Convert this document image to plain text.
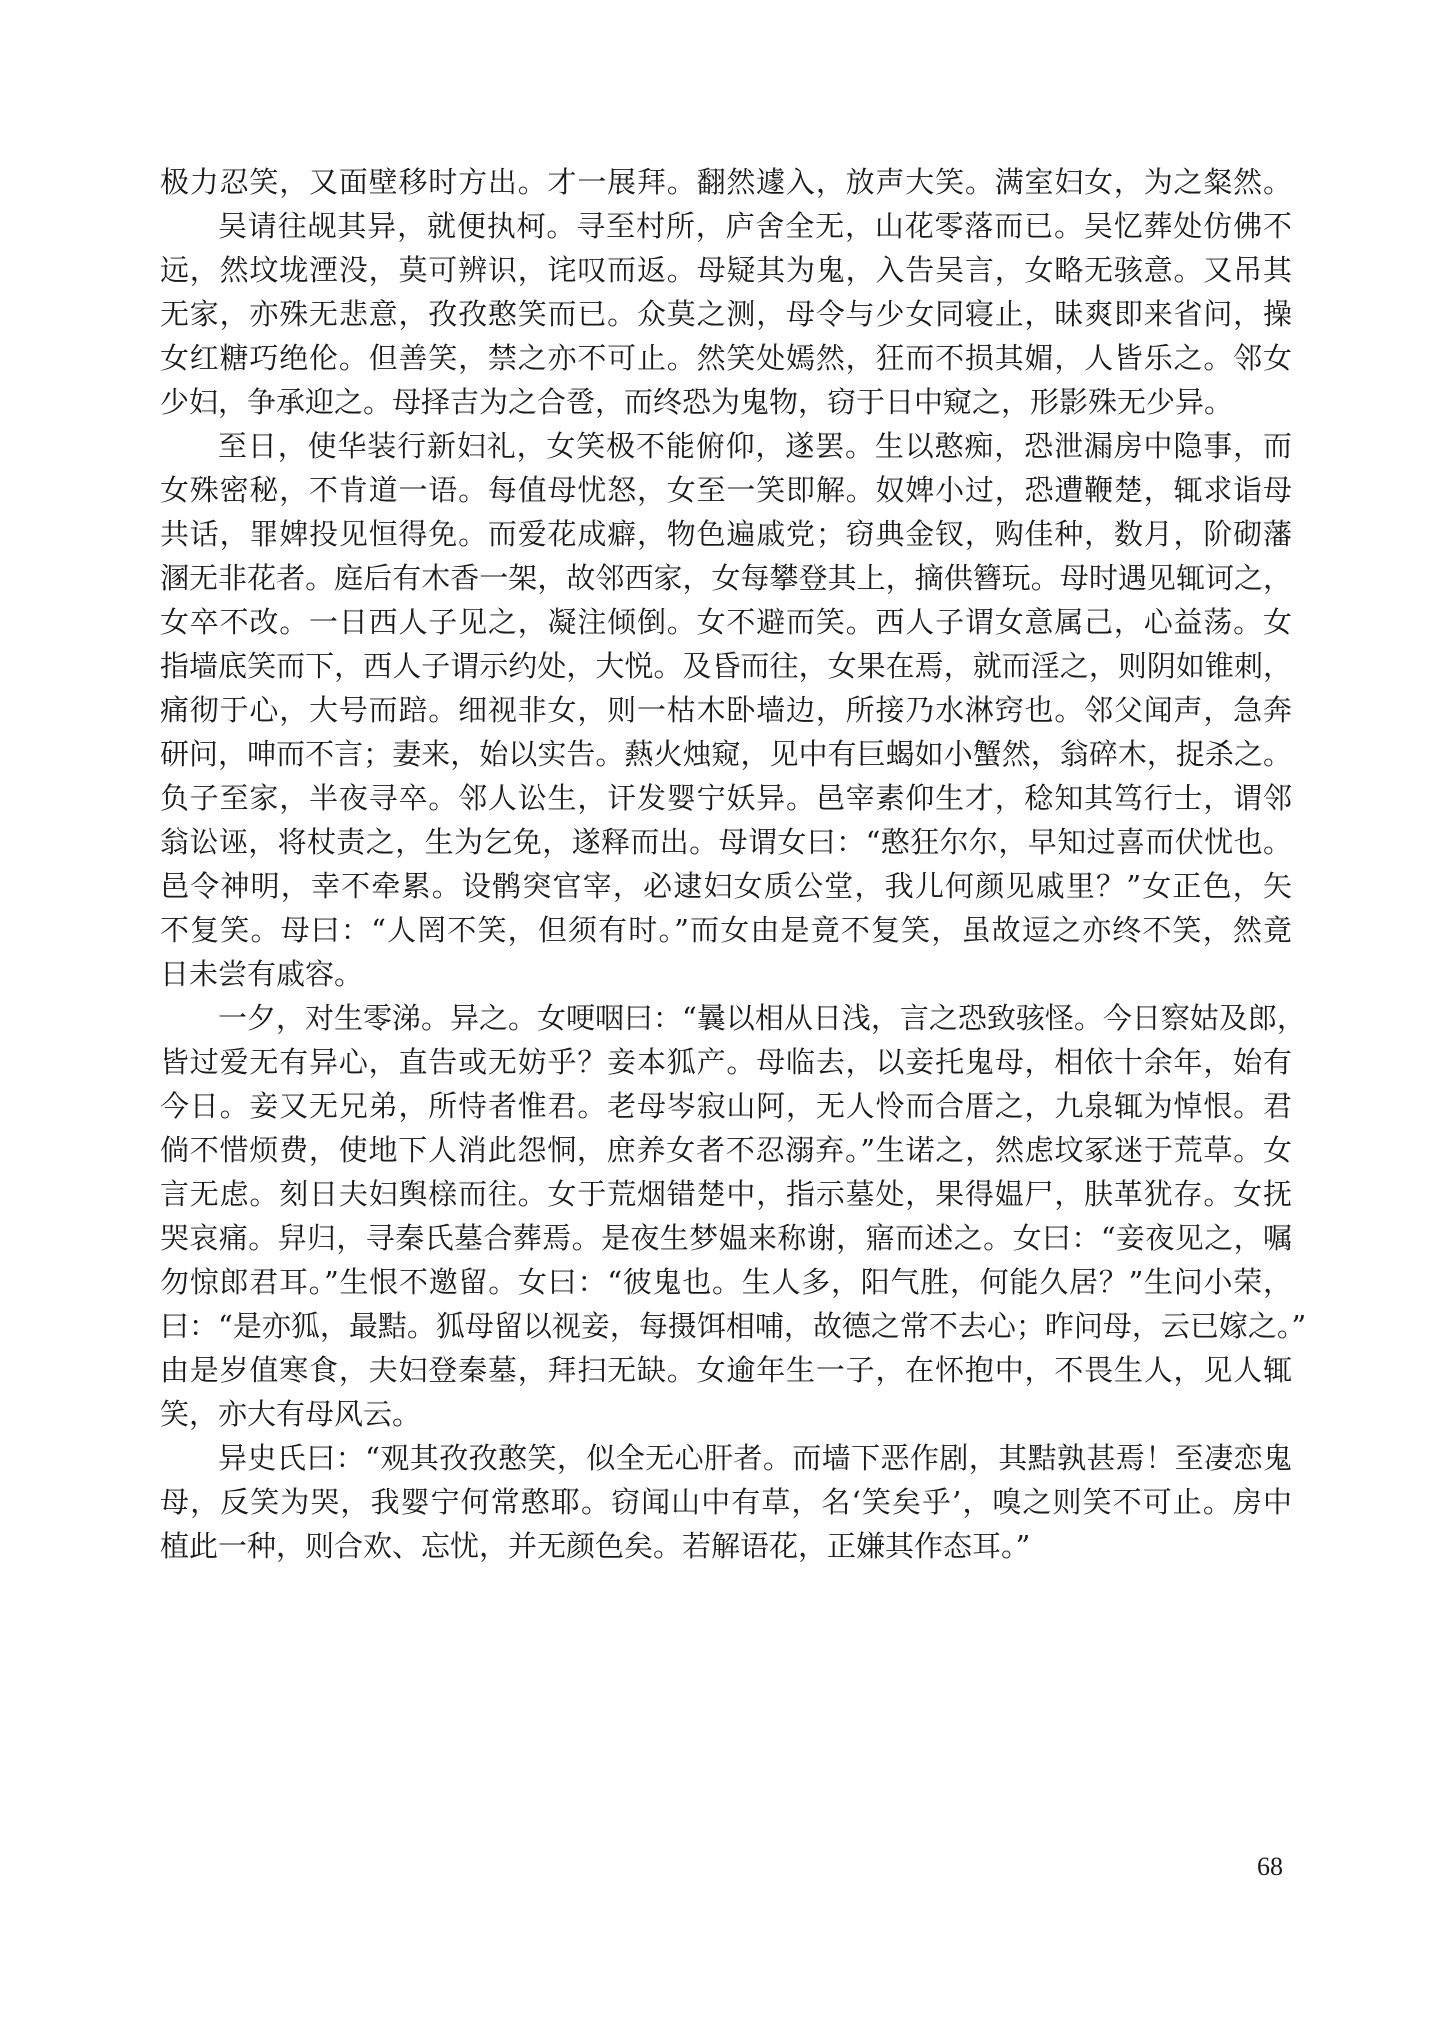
极力忍笑，又面壁移时方出。才一展拜。翻然遽入，放声大笑。满室妇女，为之粲然。
吴请往觇其异，就便执柯。寻至村所，庐舍全无，山花零落而已。吴忆葬处仿佛不
远，然坟垅湮没，莫可辨识，诧叹而返。母疑其为鬼，入告吴言，女略无骇意。又吊其
无家，亦殊无悲意，孜孜憨笑而已。众莫之测，母令与少女同寝止，昧爽即来省问，操
女红糖巧绝伦。但善笑，禁之亦不可止。然笑处嫣然，狂而不损其媚，人皆乐之。邻女
少妇，争承迎之。母择吉为之合卺，而终恐为鬼物，窃于日中窥之，形影殊无少异。
至日，使华装行新妇礼，女笑极不能俯仰，遂罢。生以憨痴，恐泄漏房中隐事，而
女殊密秘，不肯道一语。每值母忧怒，女至一笑即解。奴婢小过，恐遭鞭楚，辄求诣母
共话，罪婢投见恒得免。而爱花成癖，物色遍戚党；窃典金钗，购佳种，数月，阶砌藩
溷无非花者。庭后有木香一架，故邻西家，女每攀登其上，摘供簪玩。母时遇见辄诃之，
女卒不改。一日西人子见之，凝注倾倒。女不避而笑。西人子谓女意属己，心益荡。女
指墙底笑而下，西人子谓示约处，大悦。及昏而往，女果在焉，就而淫之，则阴如锥刺，
痛彻于心，大号而踣。细视非女，则一枯木卧墙边，所接乃水淋窍也。邻父闻声，急奔
研问，呻而不言；妻来，始以实告。爇火烛窥，见中有巨蝎如小蟹然，翁碎木，捉杀之。
负子至家，半夜寻卒。邻人讼生，讦发婴宁妖异。邑宰素仰生才，稔知其笃行士，谓邻
翁讼诬，将杖责之，生为乞免，遂释而出。母谓女曰：“憨狂尔尔，早知过喜而伏忧也。
邑令神明，幸不牵累。设鹘突官宰，必逮妇女质公堂，我儿何颜见戚里？”女正色，矢
不复笑。母曰：“人罔不笑，但须有时。”而女由是竟不复笑，虽故逗之亦终不笑，然竟
日未尝有戚容。
一夕，对生零涕。异之。女哽咽曰：“曩以相从日浅，言之恐致骇怪。今日察姑及郎，
皆过爱无有异心，直告或无妨乎？妾本狐产。母临去，以妾托鬼母，相依十余年，始有
今日。妾又无兄弟，所恃者惟君。老母岑寂山阿，无人怜而合厝之，九泉辄为悼恨。君
倘不惜烦费，使地下人消此怨恫，庶养女者不忍溺弃。”生诺之，然虑坟冢迷于荒草。女
言无虑。刻日夫妇舆榇而往。女于荒烟错楚中，指示墓处，果得媪尸，肤革犹存。女抚
哭哀痛。舁归，寻秦氏墓合葬焉。是夜生梦媪来称谢，寤而述之。女曰：“妾夜见之，嘱
勿惊郎君耳。”生恨不邀留。女曰：“彼鬼也。生人多，阳气胜，何能久居？”生问小荣，
曰：“是亦狐，最黠。狐母留以视妾，每摄饵相哺，故德之常不去心；昨问母，云已嫁之。”
由是岁值寒食，夫妇登秦墓，拜扫无缺。女逾年生一子，在怀抱中，不畏生人，见人辄
笑，亦大有母风云。
异史氏曰：“观其孜孜憨笑，似全无心肝者。而墙下恶作剧，其黠孰甚焉！至凄恋鬼
母，反笑为哭，我婴宁何常憨耶。窃闻山中有草，名‘笑矣乎’，嗅之则笑不可止。房中
植此一种，则合欢、忘忧，并无颜色矣。若解语花，正嫌其作态耳。”
68
